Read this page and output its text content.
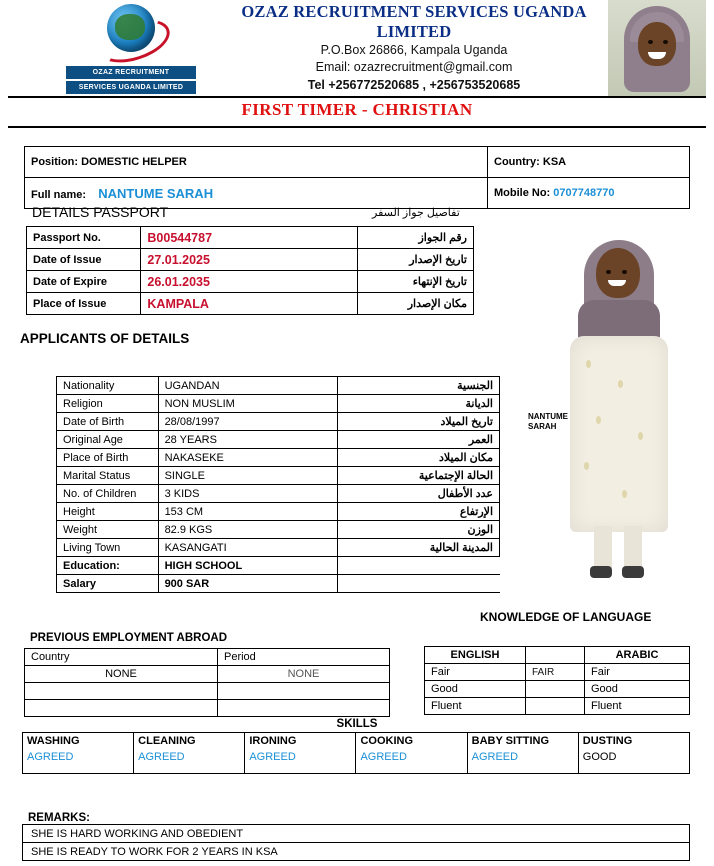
OZAZ RECRUITMENT
SERVICES UGANDA LIMITED
OZAZ RECRUITMENT SERVICES UGANDA LIMITED
P.O.Box 26866, Kampala Uganda
Email: ozazrecruitment@gmail.com
Tel +256772520685 , +256753520685
FIRST TIMER - CHRISTIAN
Position: DOMESTIC HELPER	Country: KSA
Full name: NANTUME SARAH	Mobile No: 0707748770
DETAILS PASSPORT	تفاصيل جواز السفر
Passport No.	B00544787	رقم الجواز
Date of Issue	27.01.2025	تاريخ الإصدار
Date of Expire	26.01.2035	تاريخ الإنتهاء
Place of Issue	KAMPALA	مكان الإصدار
APPLICANTS OF DETAILS
Nationality	UGANDAN	الجنسية
Religion	NON MUSLIM	الديانة
Date of Birth	28/08/1997	تاريخ الميلاد
Original Age	28 YEARS	العمر
Place of Birth	NAKASEKE	مكان الميلاد
Marital Status	SINGLE	الحالة الإجتماعية
No. of Children	3 KIDS	عدد الأطفال
Height	153 CM	الإرتفاع
Weight	82.9 KGS	الوزن
Living Town	KASANGATI	المدينة الحالية
Education:	HIGH SCHOOL	
Salary	900 SAR	
NANTUME SARAH
KNOWLEDGE OF LANGUAGE
ENGLISH		ARABIC
Fair	FAIR	Fair
Good		Good
Fluent		Fluent
PREVIOUS EMPLOYMENT ABROAD
Country	Period
NONE	NONE

SKILLS
WASHING
AGREED

CLEANING
AGREED

IRONING
AGREED

COOKING
AGREED

BABY SITTING
AGREED

DUSTING
GOOD
REMARKS:
SHE IS HARD WORKING AND OBEDIENT
SHE IS READY TO WORK FOR 2 YEARS IN KSA
